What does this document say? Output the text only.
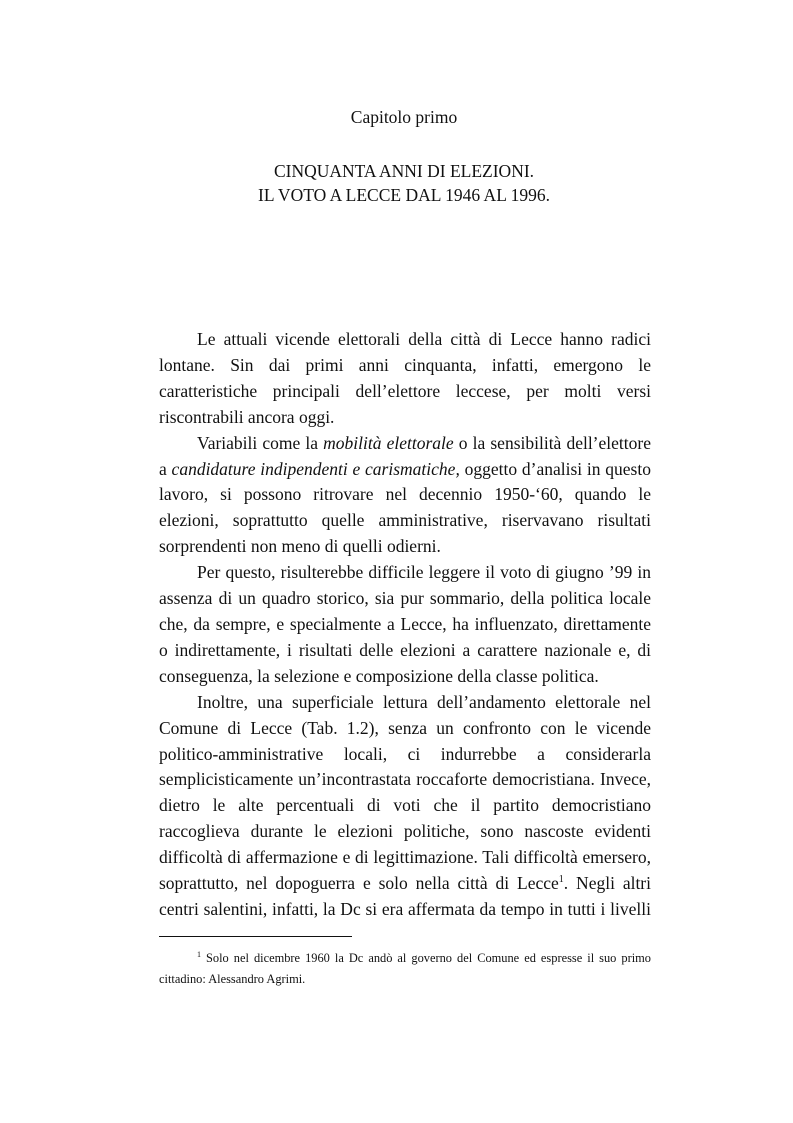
Capitolo primo
CINQUANTA ANNI DI ELEZIONI.
IL VOTO A LECCE DAL 1946 AL 1996.

Le attuali vicende elettorali della città di Lecce hanno radici lontane. Sin dai primi anni cinquanta, infatti, emergono le caratteristiche principali dell’elettore leccese, per molti versi riscontrabili ancora oggi.

Variabili come la mobilità elettorale o la sensibilità dell’elettore a candidature indipendenti e carismatiche, oggetto d’analisi in questo lavoro, si possono ritrovare nel decennio 1950-‘60, quando le elezioni, soprattutto quelle amministrative, riservavano risultati sorprendenti non meno di quelli odierni.

Per questo, risulterebbe difficile leggere il voto di giugno ’99 in assenza di un quadro storico, sia pur sommario, della politica locale che, da sempre, e specialmente a Lecce, ha influenzato, direttamente o indirettamente, i risultati delle elezioni a carattere nazionale e, di conseguenza, la selezione e composizione della classe politica.

Inoltre, una superficiale lettura dell’andamento elettorale nel Comune di Lecce (Tab. 1.2), senza un confronto con le vicende politico-amministrative locali, ci indurrebbe a considerarla semplicisticamente un’incontrastata roccaforte democristiana. Invece, dietro le alte percentuali di voti che il partito democristiano raccoglieva durante le elezioni politiche, sono nascoste evidenti difficoltà di affermazione e di legittimazione. Tali difficoltà emersero, soprattutto, nel dopoguerra e solo nella città di Lecce$^1$. Negli altri centri salentini, infatti, la Dc si era affermata da tempo in tutti i livelli

$^1$ Solo nel dicembre 1960 la Dc andò al governo del Comune ed espresse il suo primo cittadino: Alessandro Agrimi.
